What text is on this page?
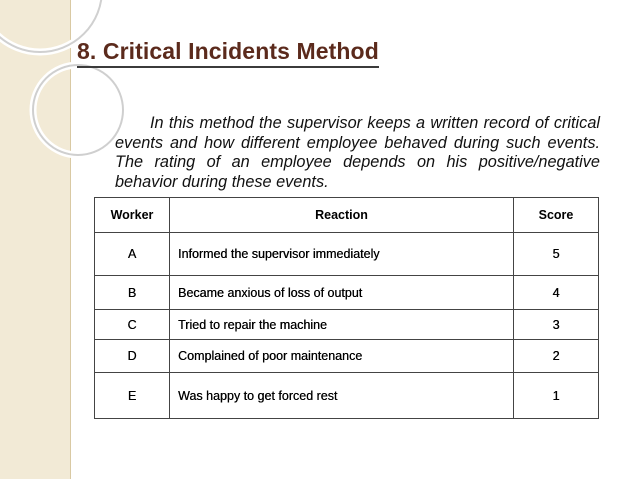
8. Critical Incidents Method
In this method the supervisor keeps a written record of critical events and how different employee behaved during such events. The rating of an employee depends on his positive/negative behavior during these events.
Worker	Reaction	Score
A	Informed the supervisor immediately	5
B	Became anxious of loss of output	4
C	Tried to repair the machine	3
D	Complained of poor maintenance	2
E	Was happy to get forced rest	1
